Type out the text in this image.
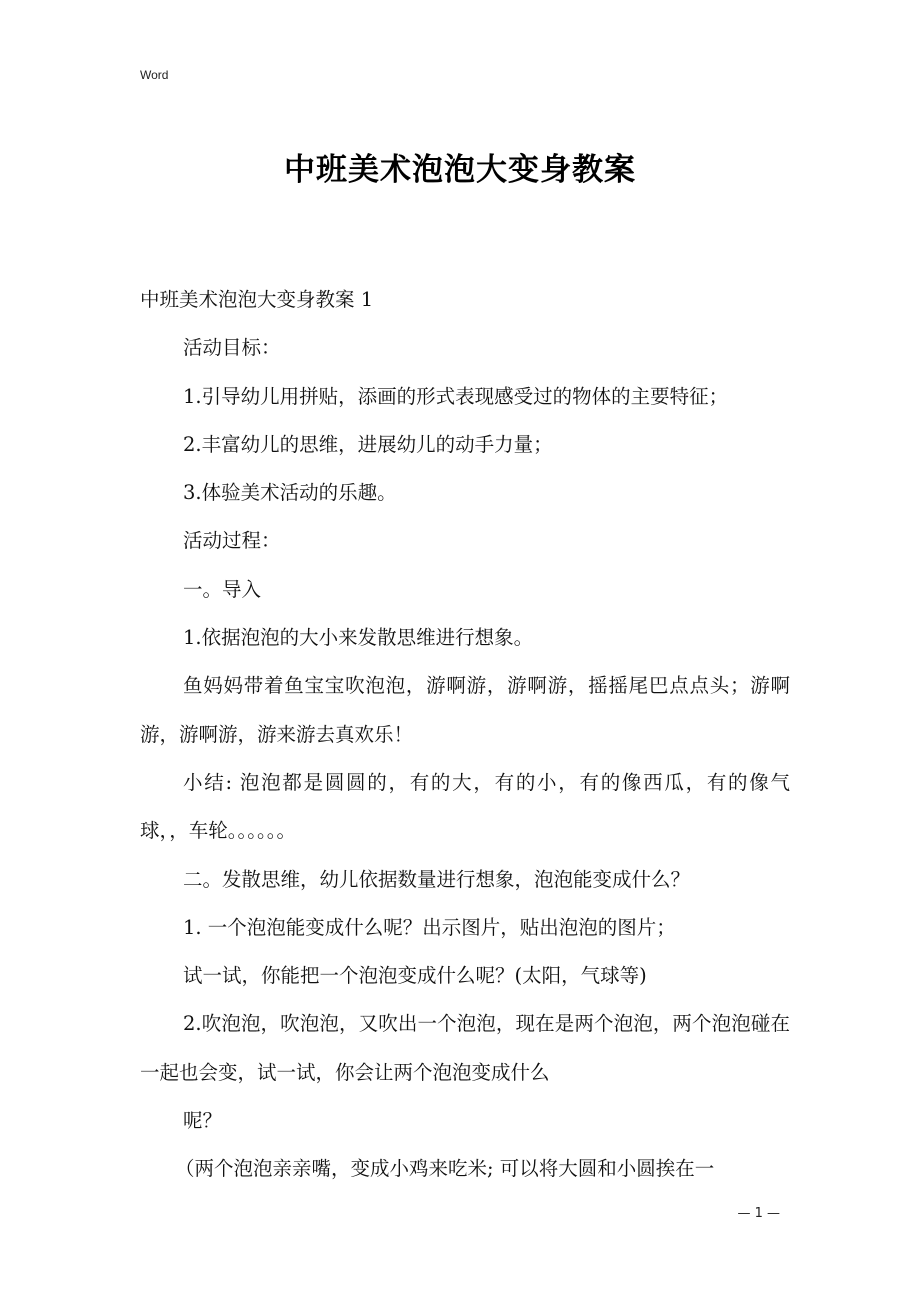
Word
中班美术泡泡大变身教案

中班美术泡泡大变身教案 1

活动目标：

1.引导幼儿用拼贴，添画的形式表现感受过的物体的主要特征；

2.丰富幼儿的思维，进展幼儿的动手力量；

3.体验美术活动的乐趣。

活动过程：

一。导入

1.依据泡泡的大小来发散思维进行想象。

鱼妈妈带着鱼宝宝吹泡泡，游啊游，游啊游，摇摇尾巴点点头；游啊游，游啊游，游来游去真欢乐！

小结: 泡泡都是圆圆的，有的大，有的小，有的像西瓜，有的像气球，，车轮。。。。。。

二。发散思维，幼儿依据数量进行想象，泡泡能变成什么？

1. 一个泡泡能变成什么呢？出示图片，贴出泡泡的图片；

试一试，你能把一个泡泡变成什么呢？(太阳，气球等)

2.吹泡泡，吹泡泡，又吹出一个泡泡，现在是两个泡泡，两个泡泡碰在一起也会变，试一试，你会让两个泡泡变成什么

呢？

（两个泡泡亲亲嘴，变成小鸡来吃米; 可以将大圆和小圆挨在一

— 1 —
